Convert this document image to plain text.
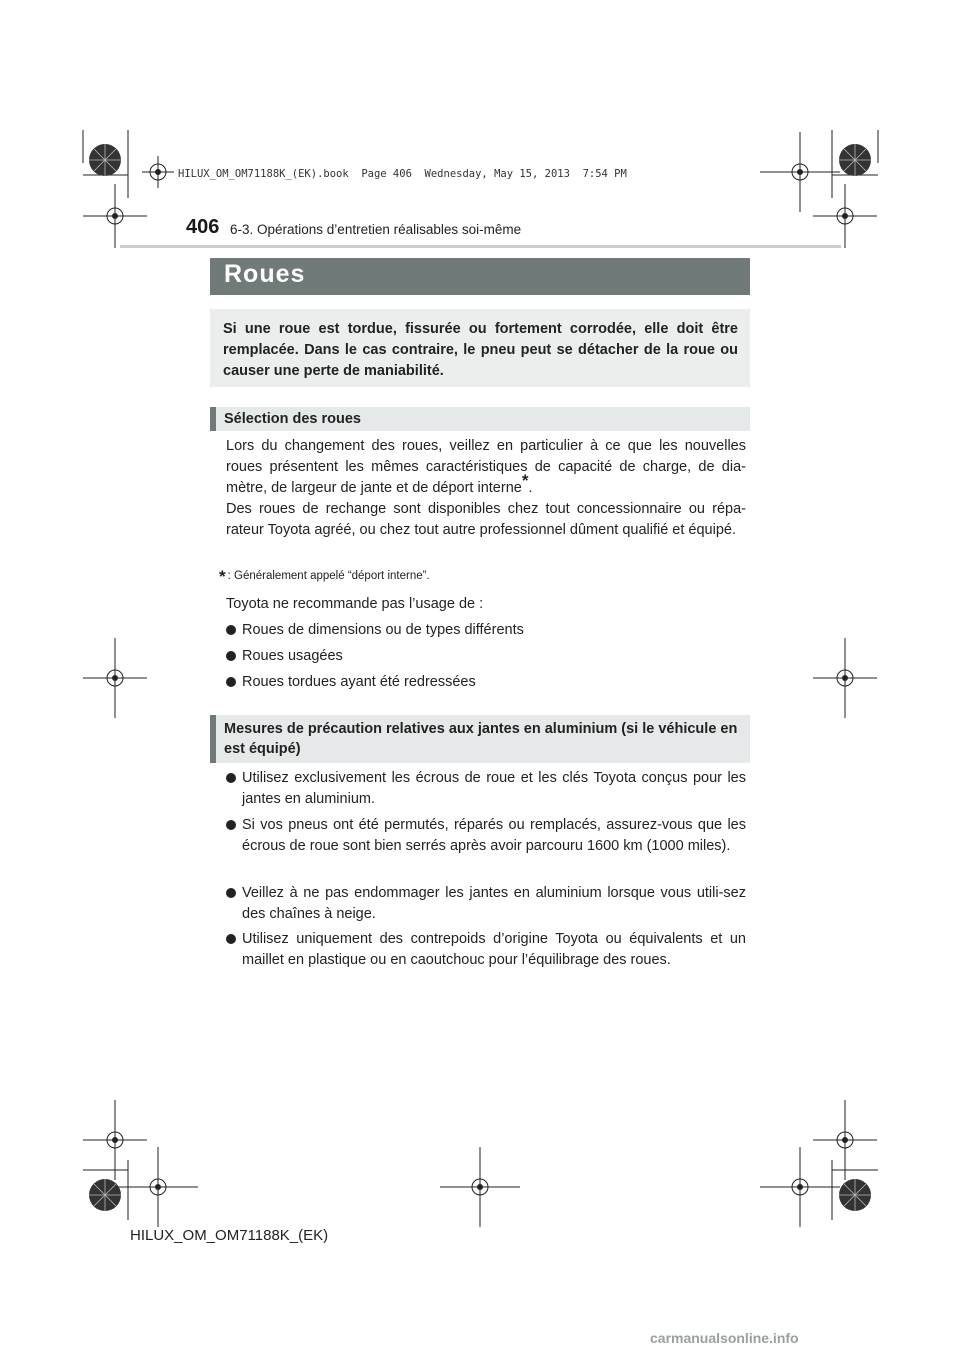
HILUX_OM_OM71188K_(EK).book  Page 406  Wednesday, May 15, 2013  7:54 PM
406 6-3. Opérations d’entretien réalisables soi-même
Roues

Si une roue est tordue, fissurée ou fortement corrodée, elle doit être remplacée. Dans le cas contraire, le pneu peut se détacher de la roue ou causer une perte de maniabilité.

Sélection des roues

Lors du changement des roues, veillez en particulier à ce que les nouvelles roues présentent les mêmes caractéristiques de capacité de charge, de dia-mètre, de largeur de jante et de déport interne*.

Des roues de rechange sont disponibles chez tout concessionnaire ou répa-rateur Toyota agréé, ou chez tout autre professionnel dûment qualifié et équipé.

* : Généralement appelé “déport interne”.
Toyota ne recommande pas l’usage de :
Roues de dimensions ou de types différents
Roues usagées
Roues tordues ayant été redressées
Mesures de précaution relatives aux jantes en aluminium (si le véhicule en est équipé)
Utilisez exclusivement les écrous de roue et les clés Toyota conçus pour les jantes en aluminium.
Si vos pneus ont été permutés, réparés ou remplacés, assurez-vous que les écrous de roue sont bien serrés après avoir parcouru 1600 km (1000 miles).
Veillez à ne pas endommager les jantes en aluminium lorsque vous utili-sez des chaînes à neige.
Utilisez uniquement des contrepoids d’origine Toyota ou équivalents et un maillet en plastique ou en caoutchouc pour l’équilibrage des roues.
HILUX_OM_OM71188K_(EK)
carmanualsonline.info
